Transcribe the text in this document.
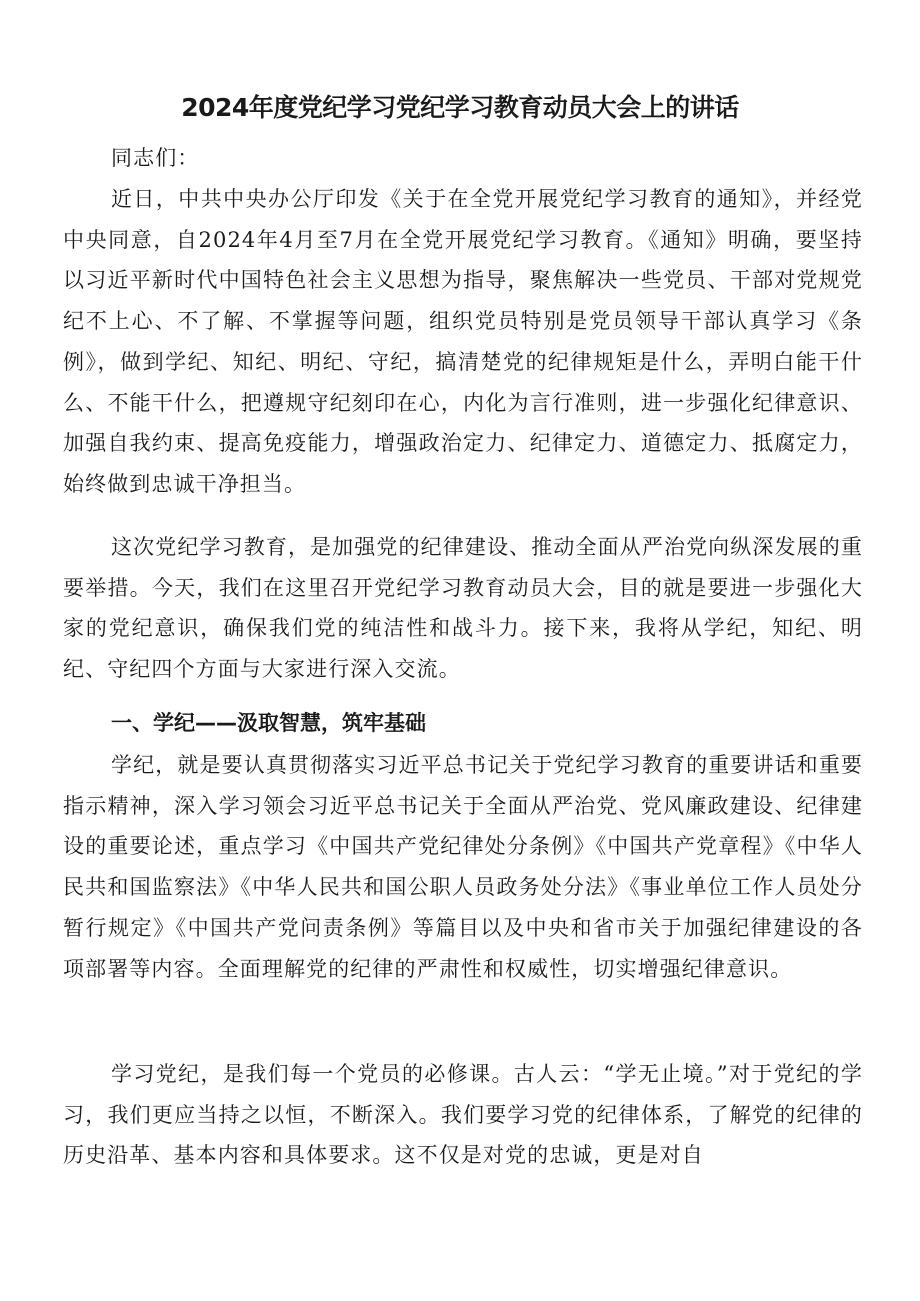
2024年度党纪学习党纪学习教育动员大会上的讲话

同志们：

近日，中共中央办公厅印发《关于在全党开展党纪学习教育的通知》，并经党中央同意，自2024年4月至7月在全党开展党纪学习教育。《通知》明确，要坚持以习近平新时代中国特色社会主义思想为指导，聚焦解决一些党员、干部对党规党纪不上心、不了解、不掌握等问题，组织党员特别是党员领导干部认真学习《条例》，做到学纪、知纪、明纪、守纪，搞清楚党的纪律规矩是什么，弄明白能干什么、不能干什么，把遵规守纪刻印在心，内化为言行准则，进一步强化纪律意识、加强自我约束、提高免疫能力，增强政治定力、纪律定力、道德定力、抵腐定力，始终做到忠诚干净担当。

这次党纪学习教育，是加强党的纪律建设、推动全面从严治党向纵深发展的重要举措。今天，我们在这里召开党纪学习教育动员大会，目的就是要进一步强化大家的党纪意识，确保我们党的纯洁性和战斗力。接下来，我将从学纪，知纪、明纪、守纪四个方面与大家进行深入交流。

一、学纪——汲取智慧，筑牢基础

学纪，就是要认真贯彻落实习近平总书记关于党纪学习教育的重要讲话和重要指示精神，深入学习领会习近平总书记关于全面从严治党、党风廉政建设、纪律建设的重要论述，重点学习《中国共产党纪律处分条例》《中国共产党章程》《中华人民共和国监察法》《中华人民共和国公职人员政务处分法》《事业单位工作人员处分暂行规定》《中国共产党问责条例》等篇目以及中央和省市关于加强纪律建设的各项部署等内容。全面理解党的纪律的严肃性和权威性，切实增强纪律意识。

学习党纪，是我们每一个党员的必修课。古人云：“学无止境。”对于党纪的学习，我们更应当持之以恒，不断深入。我们要学习党的纪律体系，了解党的纪律的历史沿革、基本内容和具体要求。这不仅是对党的忠诚，更是对自
